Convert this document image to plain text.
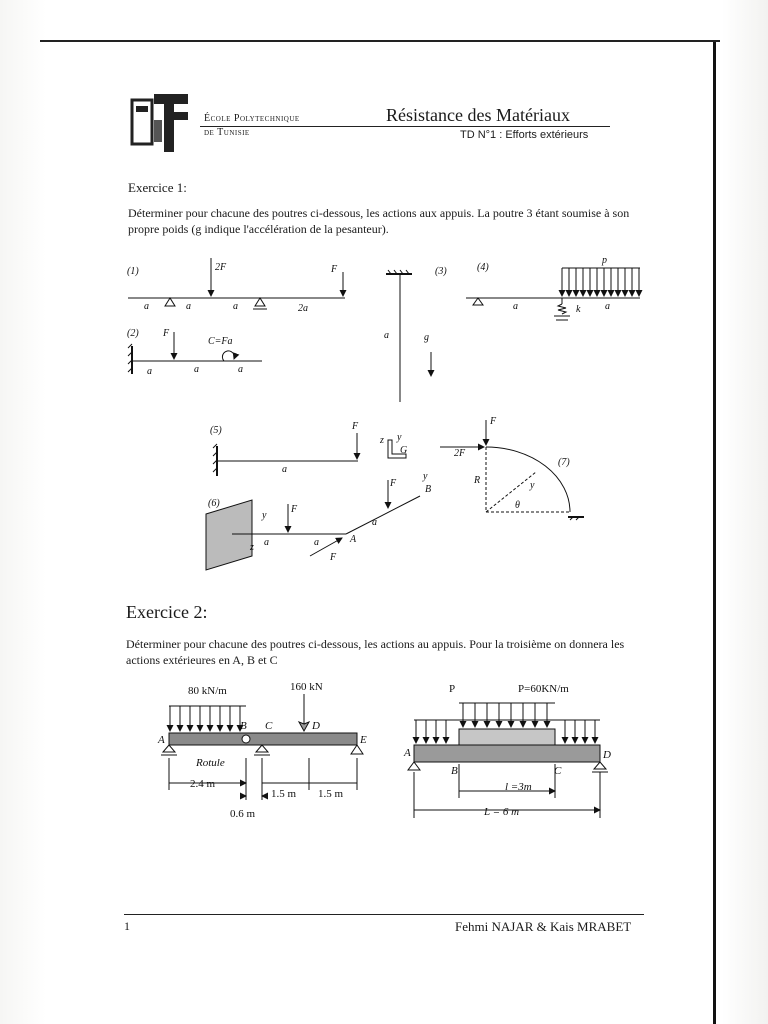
École Polytechnique
de Tunisie
Résistance des Matériaux
TD N°1 : Efforts extérieurs
Exercice 1:
Déterminer pour chacune des poutres ci-dessous, les actions aux appuis. La poutre 3 étant soumise à son propre poids (g indique l'accélération de la pesanteur).
(1)	2F	F
a	a	a	2a
(2) F
C=Fa
a	a	a
(3)
a	g
(4)
p
a	k a
(5)	F
a
z y
G
(6)
y
z a
F
a	A
F
a
F
y
B
F
2F
R
θ
y
(7)
Exercice 2:
Déterminer pour chacune des poutres ci-dessous, les actions au appuis. Pour la troisième on donnera les actions extérieures en A, B et C
80 kN/m	160 kN
A
B C	D
E
Rotule
2.4 m
1.5 m 1.5 m
0.6 m
P	P=60KN/m
A
B	C
D
l =3m
L = 6 m
1	Fehmi NAJAR & Kais MRABET
